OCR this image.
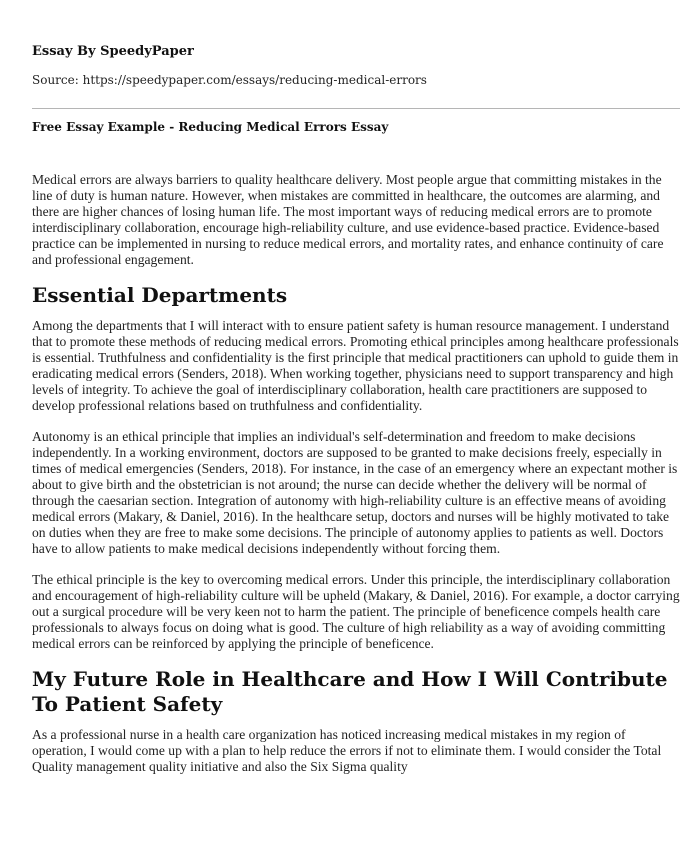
Essay By SpeedyPaper
Source: https://speedypaper.com/essays/reducing-medical-errors
Free Essay Example - Reducing Medical Errors Essay

Medical errors are always barriers to quality healthcare delivery. Most people argue that committing mistakes in the line of duty is human nature. However, when mistakes are committed in healthcare, the outcomes are alarming, and there are higher chances of losing human life. The most important ways of reducing medical errors are to promote interdisciplinary collaboration, encourage high-reliability culture, and use evidence-based practice. Evidence-based practice can be implemented in nursing to reduce medical errors, and mortality rates, and enhance continuity of care and professional engagement.

Essential Departments

Among the departments that I will interact with to ensure patient safety is human resource management. I understand that to promote these methods of reducing medical errors. Promoting ethical principles among healthcare professionals is essential. Truthfulness and confidentiality is the first principle that medical practitioners can uphold to guide them in eradicating medical errors (Senders, 2018). When working together, physicians need to support transparency and high levels of integrity. To achieve the goal of interdisciplinary collaboration, health care practitioners are supposed to develop professional relations based on truthfulness and confidentiality.

Autonomy is an ethical principle that implies an individual's self-determination and freedom to make decisions independently. In a working environment, doctors are supposed to be granted to make decisions freely, especially in times of medical emergencies (Senders, 2018). For instance, in the case of an emergency where an expectant mother is about to give birth and the obstetrician is not around; the nurse can decide whether the delivery will be normal of through the caesarian section. Integration of autonomy with high-reliability culture is an effective means of avoiding medical errors (Makary, & Daniel, 2016). In the healthcare setup, doctors and nurses will be highly motivated to take on duties when they are free to make some decisions. The principle of autonomy applies to patients as well. Doctors have to allow patients to make medical decisions independently without forcing them.

The ethical principle is the key to overcoming medical errors. Under this principle, the interdisciplinary collaboration and encouragement of high-reliability culture will be upheld (Makary, & Daniel, 2016). For example, a doctor carrying out a surgical procedure will be very keen not to harm the patient. The principle of beneficence compels health care professionals to always focus on doing what is good. The culture of high reliability as a way of avoiding committing medical errors can be reinforced by applying the principle of beneficence.

My Future Role in Healthcare and How I Will Contribute To Patient Safety

As a professional nurse in a health care organization has noticed increasing medical mistakes in my region of operation, I would come up with a plan to help reduce the errors if not to eliminate them. I would consider the Total Quality management quality initiative and also the Six Sigma quality
